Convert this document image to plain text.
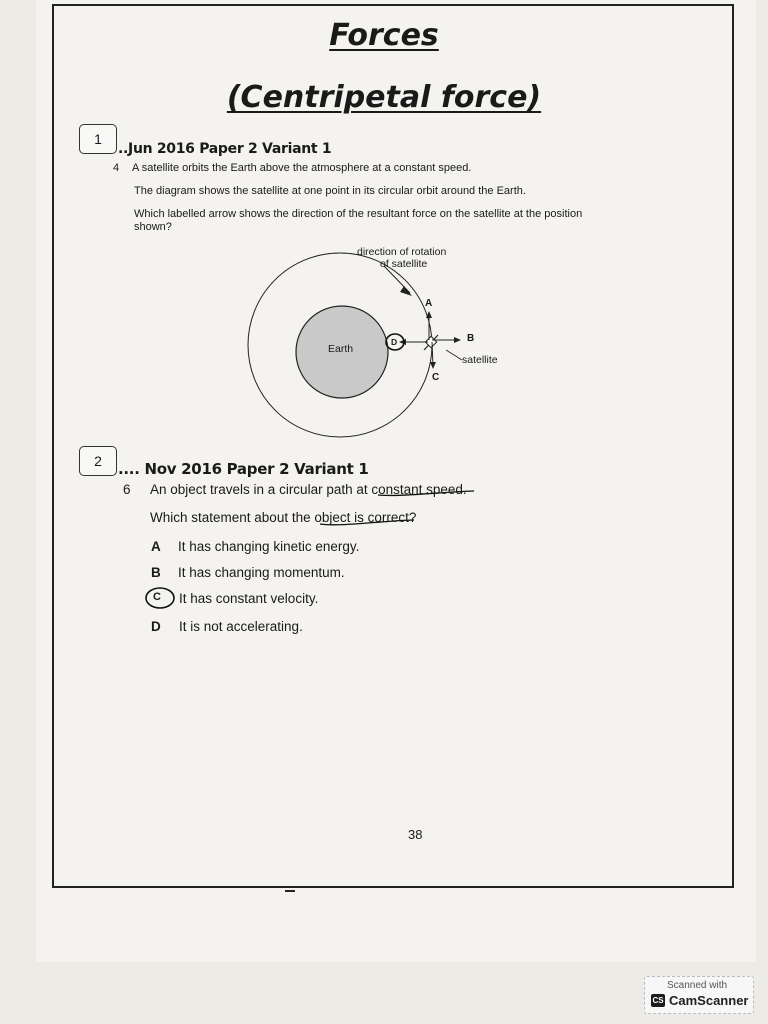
Forces
(Centripetal force)
1
..Jun 2016 Paper 2 Variant 1
4 A satellite orbits the Earth above the atmosphere at a constant speed.
The diagram shows the satellite at one point in its circular orbit around the Earth.
Which labelled arrow shows the direction of the resultant force on the satellite at the position
shown?
direction of rotation
of satellite
Earth
satellite
A
B
C
D
2 .... Nov 2016 Paper 2 Variant 1
6 An object travels in a circular path at constant speed.
Which statement about the object is correct?
A It has changing kinetic energy.
B It has changing momentum.
C It has constant velocity.
D It is not accelerating.
38
Scanned with
CS CamScanner
